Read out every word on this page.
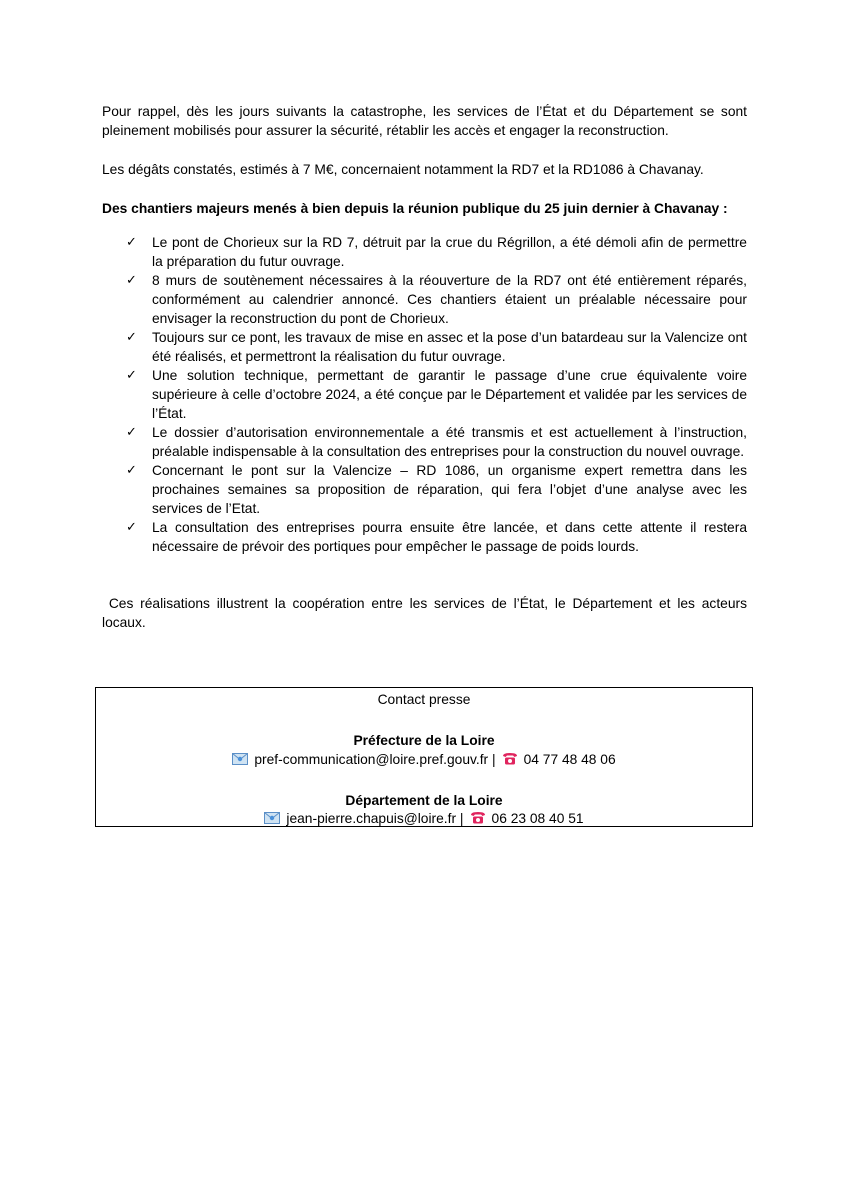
Pour rappel, dès les jours suivants la catastrophe, les services de l’État et du Département se sont pleinement mobilisés pour assurer la sécurité, rétablir les accès et engager la reconstruction.

Les dégâts constatés, estimés à 7 M€, concernaient notamment la RD7 et la RD1086 à Chavanay.

Des chantiers majeurs menés à bien depuis la réunion publique du 25 juin dernier à Chavanay :

✓ Le pont de Chorieux sur la RD 7, détruit par la crue du Régrillon, a été démoli afin de permettre la préparation du futur ouvrage.
✓ 8 murs de soutènement nécessaires à la réouverture de la RD7 ont été entièrement réparés, conformément au calendrier annoncé. Ces chantiers étaient un préalable nécessaire pour envisager la reconstruction du pont de Chorieux.
✓ Toujours sur ce pont, les travaux de mise en assec et la pose d’un batardeau sur la Valencize ont été réalisés, et permettront la réalisation du futur ouvrage.
✓ Une solution technique, permettant de garantir le passage d’une crue équivalente voire supérieure à celle d’octobre 2024, a été conçue par le Département et validée par les services de l’État.
✓ Le dossier d’autorisation environnementale a été transmis et est actuellement à l’instruction, préalable indispensable à la consultation des entreprises pour la construction du nouvel ouvrage.
✓ Concernant le pont sur la Valencize – RD 1086, un organisme expert remettra dans les prochaines semaines sa proposition de réparation, qui fera l’objet d’une analyse avec les services de l’Etat.
✓ La consultation des entreprises pourra ensuite être lancée, et dans cette attente il restera nécessaire de prévoir des portiques pour empêcher le passage de poids lourds.

Ces réalisations illustrent la coopération entre les services de l’État, le Département et les acteurs locaux.

Contact presse
Préfecture de la Loire
pref-communication@loire.pref.gouv.fr | 04 77 48 48 06
Département de la Loire
jean-pierre.chapuis@loire.fr | 06 23 08 40 51
